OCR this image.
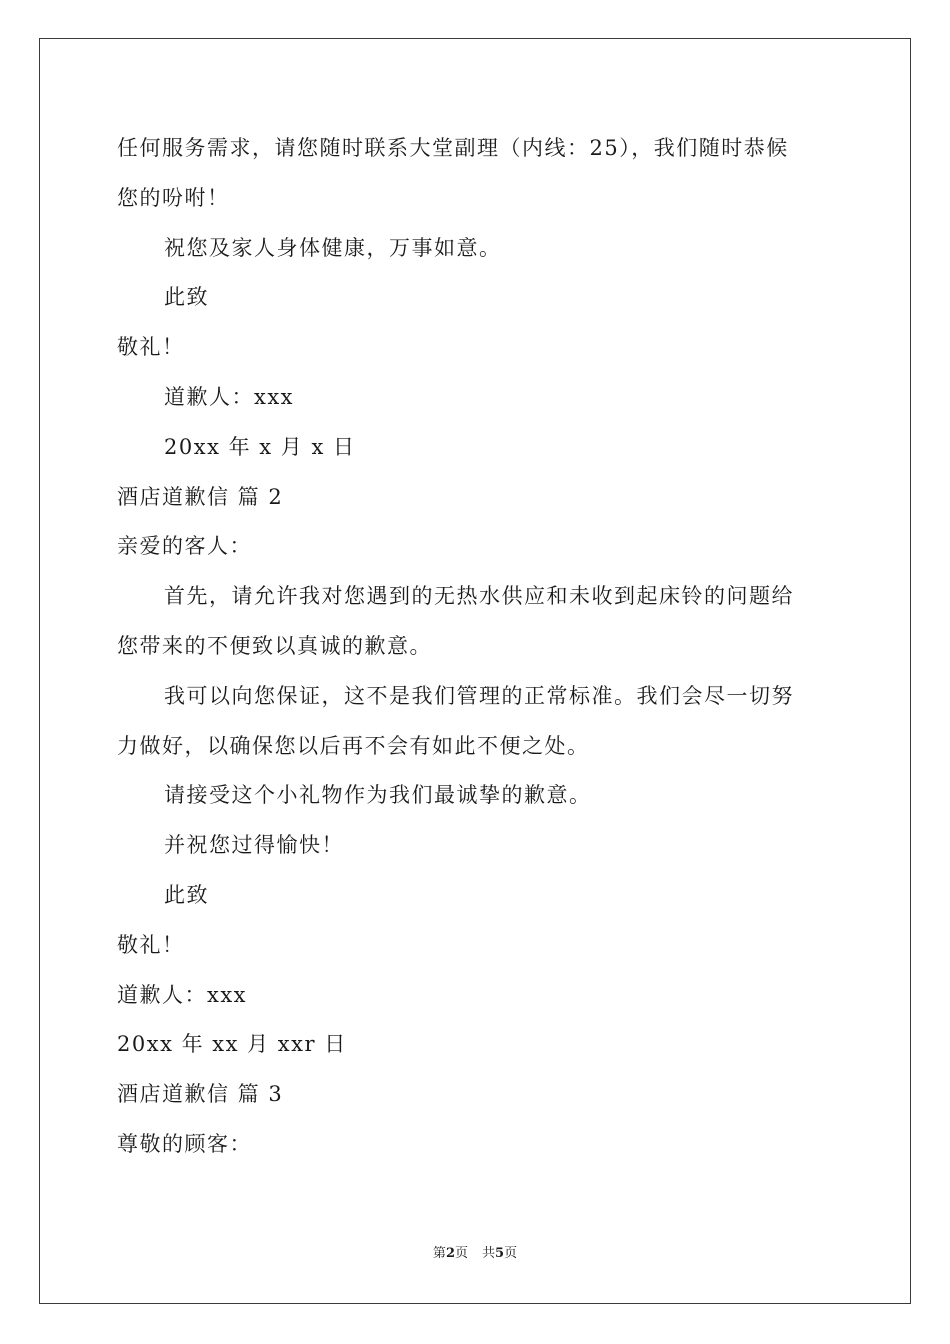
任何服务需求，请您随时联系大堂副理（内线：25），我们随时恭候

您的吩咐！

祝您及家人身体健康，万事如意。

此致

敬礼！

道歉人：xxx

20xx 年 x 月 x 日

酒店道歉信 篇 2

亲爱的客人：

首先，请允许我对您遇到的无热水供应和未收到起床铃的问题给

您带来的不便致以真诚的歉意。

我可以向您保证，这不是我们管理的正常标准。我们会尽一切努

力做好，以确保您以后再不会有如此不便之处。

请接受这个小礼物作为我们最诚挚的歉意。

并祝您过得愉快！

此致

敬礼！

道歉人：xxx

20xx 年 xx 月 xxr 日

酒店道歉信 篇 3

尊敬的顾客：

第2页 共5页
